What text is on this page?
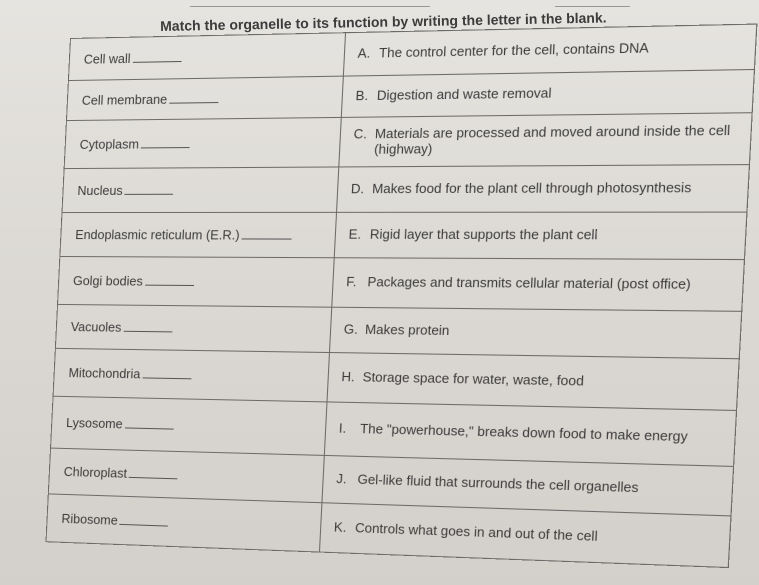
Match the organelle to its function by writing the letter in the blank.
Cell wall	A. The control center for the cell, contains DNA
Cell membrane	B. Digestion and waste removal
Cytoplasm	C. Materials are processed and moved around inside the cell (highway)
Nucleus	D. Makes food for the plant cell through photosynthesis
Endoplasmic reticulum (E.R.)	E. Rigid layer that supports the plant cell
Golgi bodies	F. Packages and transmits cellular material (post office)
Vacuoles	G. Makes protein
Mitochondria	H. Storage space for water, waste, food
Lysosome	I. The "powerhouse," breaks down food to make energy
Chloroplast	J. Gel-like fluid that surrounds the cell organelles
Ribosome	K. Controls what goes in and out of the cell
